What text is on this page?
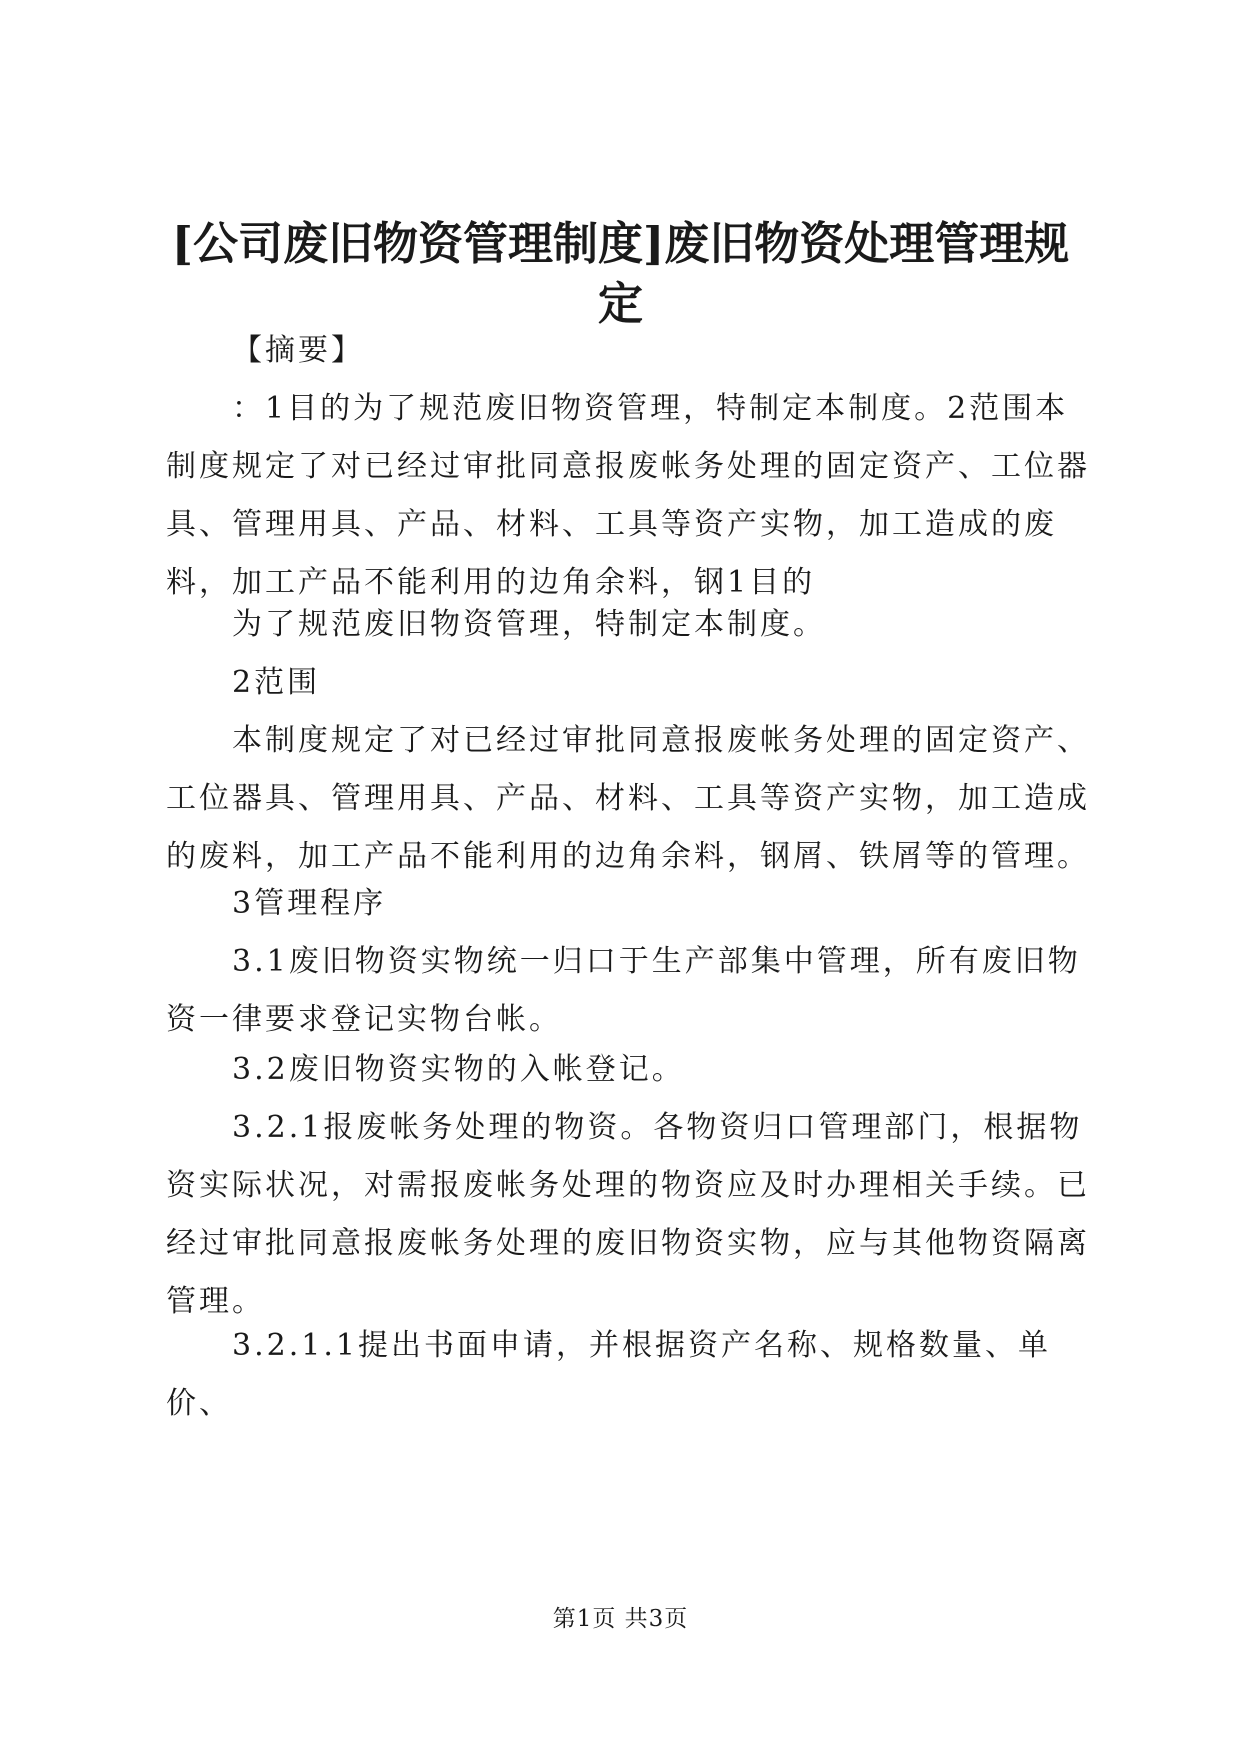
[公司废旧物资管理制度]废旧物资处理管理规定

【摘要】

：1目的为了规范废旧物资管理，特制定本制度。2范围本制度规定了对已经过审批同意报废帐务处理的固定资产、工位器具、管理用具、产品、材料、工具等资产实物，加工造成的废料，加工产品不能利用的边角余料，钢1目的

为了规范废旧物资管理，特制定本制度。

2范围

本制度规定了对已经过审批同意报废帐务处理的固定资产、工位器具、管理用具、产品、材料、工具等资产实物，加工造成的废料，加工产品不能利用的边角余料，钢屑、铁屑等的管理。

3管理程序

3.1废旧物资实物统一归口于生产部集中管理，所有废旧物资一律要求登记实物台帐。

3.2废旧物资实物的入帐登记。

3.2.1报废帐务处理的物资。各物资归口管理部门，根据物资实际状况，对需报废帐务处理的物资应及时办理相关手续。已经过审批同意报废帐务处理的废旧物资实物，应与其他物资隔离管理。

3.2.1.1提出书面申请，并根据资产名称、规格数量、单价、

第1页 共3页
